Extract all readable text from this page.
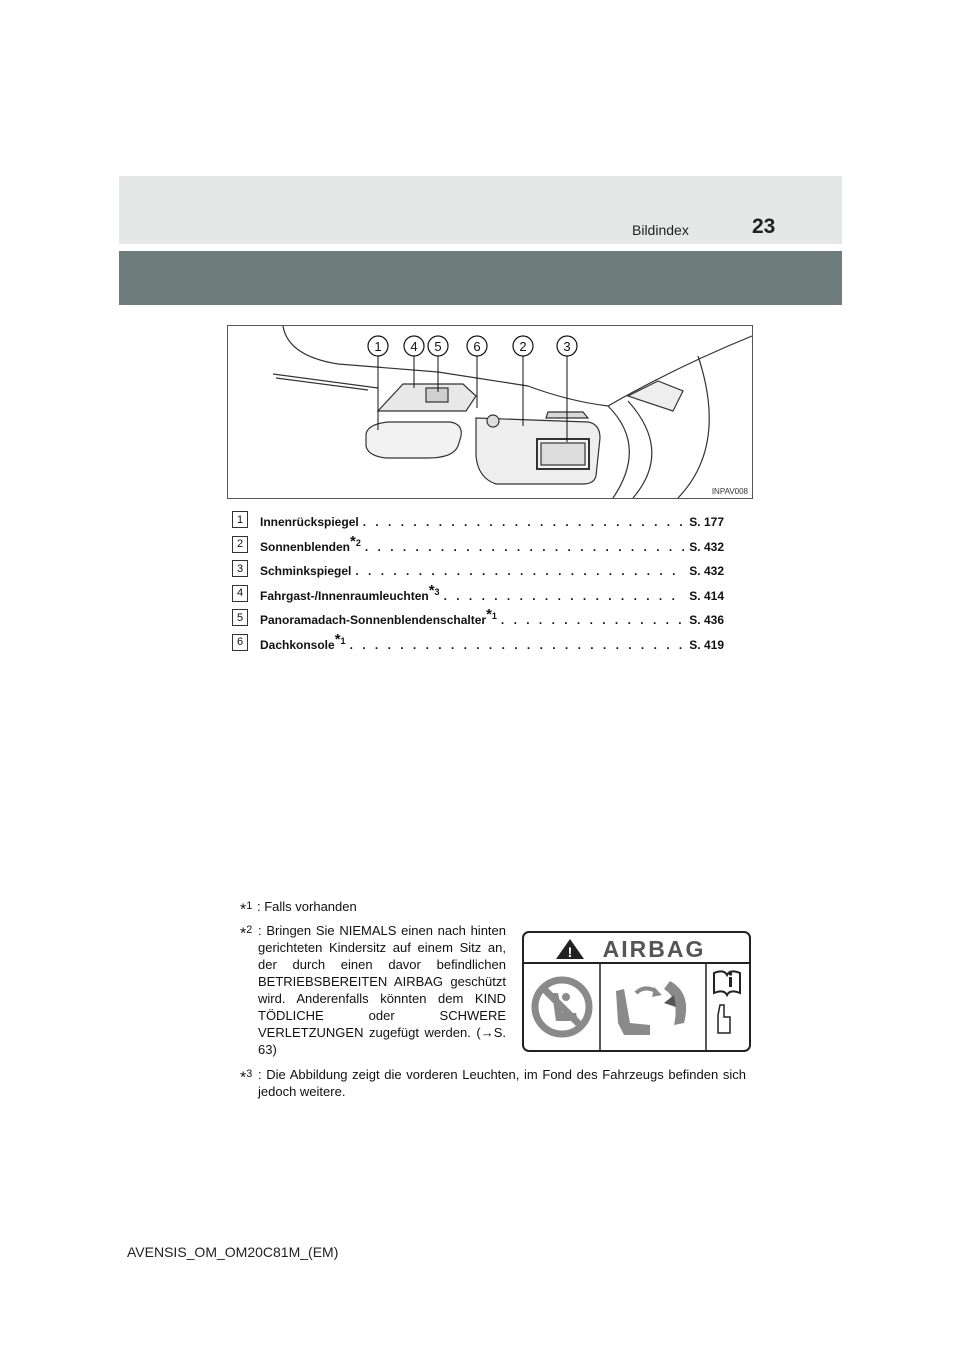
Bildindex	23
1 4 5 6	2	3
INPAV008
1	Innenrückspiegel . . .	S. 177
2	Sonnenblenden$^{*2}$ . . .	S. 432
3	Schminkspiegel . . .	S. 432
4	Fahrgast-/Innenraumleuchten$^{*3}$ . . .	S. 414
5	Panoramadach-Sonnenblendenschalter$^{*1}$ . . .	S. 436
6	Dachkonsole$^{*1}$ . . .	S. 419
*$^1$ : Falls vorhanden
*$^2$ : Bringen Sie NIEMALS einen nach hinten gerichteten Kindersitz auf einem Sitz an, der durch einen davor befindlichen BETRIEBSBEREITEN AIRBAG geschützt wird. Anderenfalls könnten dem KIND TÖDLICHE oder SCHWERE VERLETZUNGEN zugefügt werden. (→S. 63)
*$^3$ : Die Abbildung zeigt die vorderen Leuchten, im Fond des Fahrzeugs befinden sich jedoch weitere.
! AIRBAG
AVENSIS_OM_OM20C81M_(EM)
